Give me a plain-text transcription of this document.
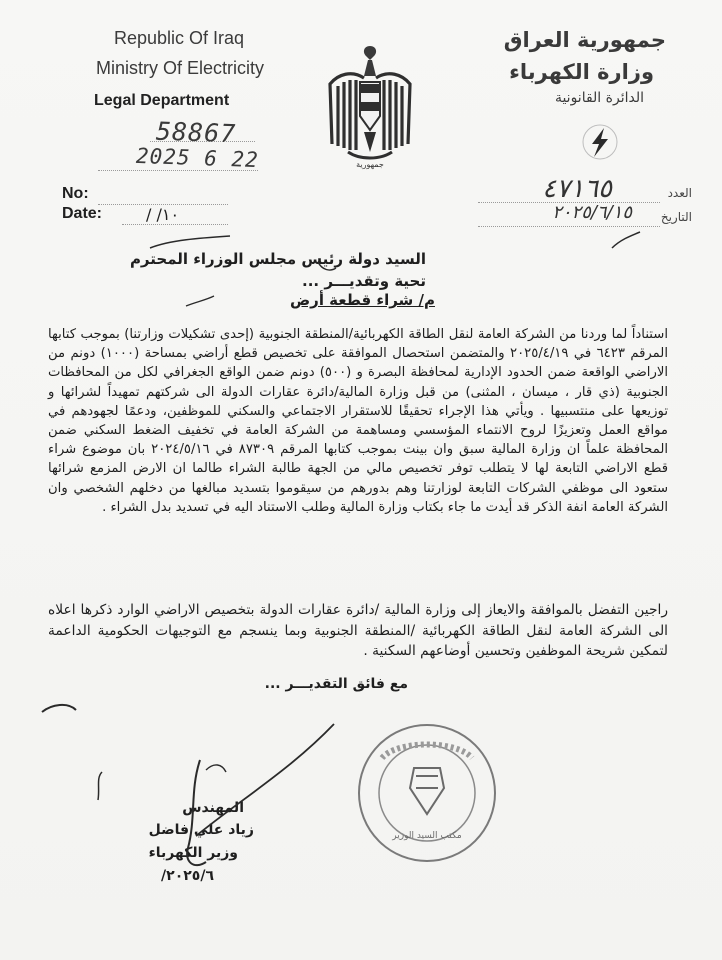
Republic Of Iraq
Ministry Of Electricity
Legal Department
58867
2025 6 22	جمهورية
جمهورية العراق
وزارة الكهرباء
الدائرة القانونية
No:
Date:	/ /۱٠
العدد
التاريخ
٤٧١٦٥
٢٠٢٥/٦/١٥
السيد دولة رئيس مجلس الوزراء المحترم
تحية وتقديـــر ...
م/ شراء قطعة أرض
استناداً لما وردنا من الشركة العامة لنقل الطاقة الكهربائية/المنطقة الجنوبية (إحدى تشكيلات وزارتنا) بموجب كتابها المرقم ٦٤٢٣ في ٢٠٢٥/٤/١٩ والمتضمن استحصال الموافقة على تخصيص قطع أراضي بمساحة (١٠٠٠) دونم من الاراضي الواقعة ضمن الحدود الإدارية لمحافظة البصرة و (٥٠٠) دونم ضمن الواقع الجغرافي لكل من المحافظات الجنوبية (ذي قار ، ميسان ، المثنى) من قبل وزارة المالية/دائرة عقارات الدولة الى شركتهم تمهيداً لشرائها و توزيعها على منتسبيها . ويأتي هذا الإجراء تحقيقًا للاستقرار الاجتماعي والسكني للموظفين، ودعمًا لجهودهم في مواقع العمل وتعزيزًا لروح الانتماء المؤسسي ومساهمة من الشركة العامة في تخفيف الضغط السكني ضمن المحافظة علماً ان وزارة المالية سبق وان بينت بموجب كتابها المرقم ٨٧٣٠٩ في ٢٠٢٤/٥/١٦ بان موضوع شراء قطع الاراضي التابعة لها لا يتطلب توفر تخصيص مالي من الجهة طالبة الشراء طالما ان الارض المزمع شرائها ستعود الى موظفي الشركات التابعة لوزارتنا وهم بدورهم من سيقوموا بتسديد مبالغها من دخلهم الشخصي وان الشركة العامة انفة الذكر قد أيدت ما جاء بكتاب وزارة المالية وطلب الاستناد اليه في تسديد بدل الشراء .
راجين التفضل بالموافقة والايعاز إلى وزارة المالية /دائرة عقارات الدولة بتخصيص الاراضي الوارد ذكرها اعلاه الى الشركة العامة لنقل الطاقة الكهربائية /المنطقة الجنوبية وبما ينسجم مع التوجيهات الحكومية الداعمة لتمكين شريحة الموظفين وتحسين أوضاعهم السكنية .
مع فائق التقديـــر ...
مكتب السيد الوزير
المهندس
زياد علي فاضل
وزير الكهرباء
٢٠٢٥/٦/
